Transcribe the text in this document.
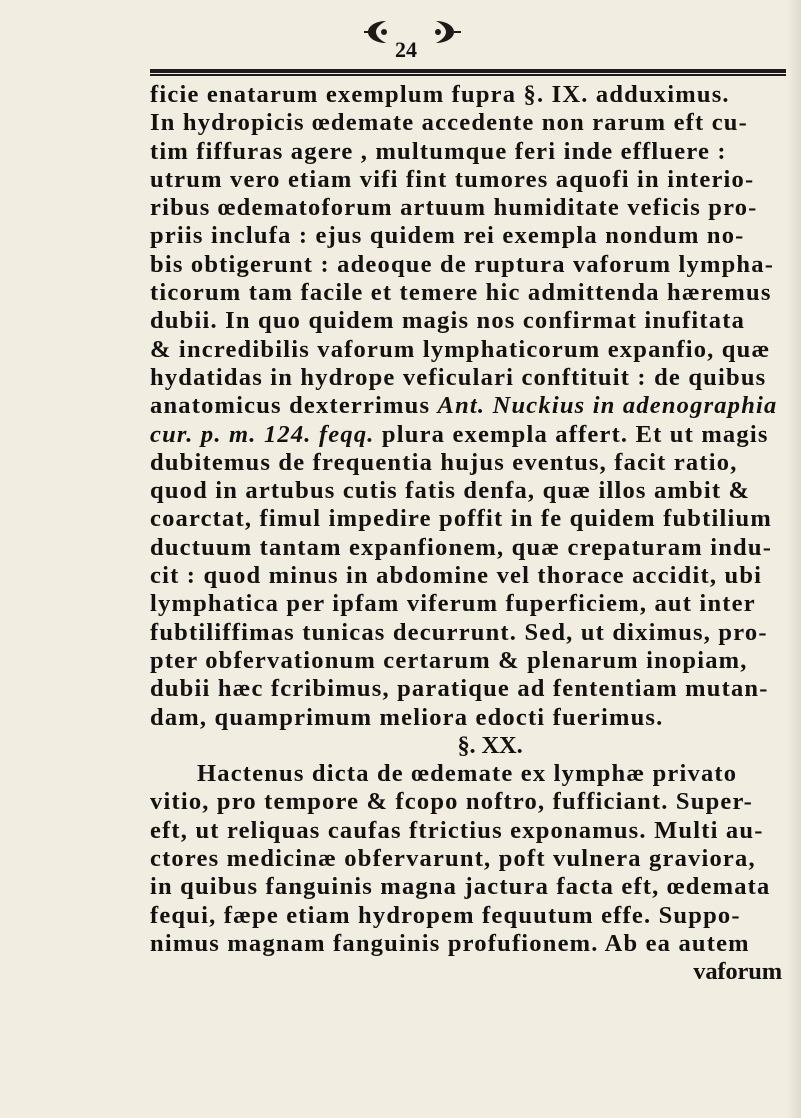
24
ficie enatarum exemplum fupra §. IX. adduximus.
In hydropicis œdemate accedente non rarum eft cu-
tim fiffuras agere , multumque feri inde effluere :
utrum vero etiam vifi fint tumores aquofi in interio-
ribus œdematoforum artuum humiditate veficis pro-
priis inclufa : ejus quidem rei exempla nondum no-
bis obtigerunt : adeoque de ruptura vaforum lympha-
ticorum tam facile et temere hic admittenda hæremus
dubii. In quo quidem magis nos confirmat inufitata
& incredibilis vaforum lymphaticorum expanfio, quæ
hydatidas in hydrope veficulari conftituit : de quibus
anatomicus dexterrimus Ant. Nuckius in adenographia
cur. p. m. 124. feqq. plura exempla affert. Et ut magis
dubitemus de frequentia hujus eventus, facit ratio,
quod in artubus cutis fatis denfa, quæ illos ambit &
coarctat, fimul impedire poffit in fe quidem fubtilium
ductuum tantam expanfionem, quæ crepaturam indu-
cit : quod minus in abdomine vel thorace accidit, ubi
lymphatica per ipfam viferum fuperficiem, aut inter
fubtiliffimas tunicas decurrunt. Sed, ut diximus, pro-
pter obfervationum certarum & plenarum inopiam,
dubii hæc fcribimus, paratique ad fententiam mutan-
dam, quamprimum meliora edocti fuerimus.
§. XX.
Hactenus dicta de œdemate ex lymphæ privato
vitio, pro tempore & fcopo noftro, fufficiant. Super-
eft, ut reliquas caufas ftrictius exponamus. Multi au-
ctores medicinæ obfervarunt, poft vulnera graviora,
in quibus fanguinis magna jactura facta eft, œdemata
fequi, fæpe etiam hydropem fequutum effe. Suppo-
nimus magnam fanguinis profufionem. Ab ea autem
vaforum
